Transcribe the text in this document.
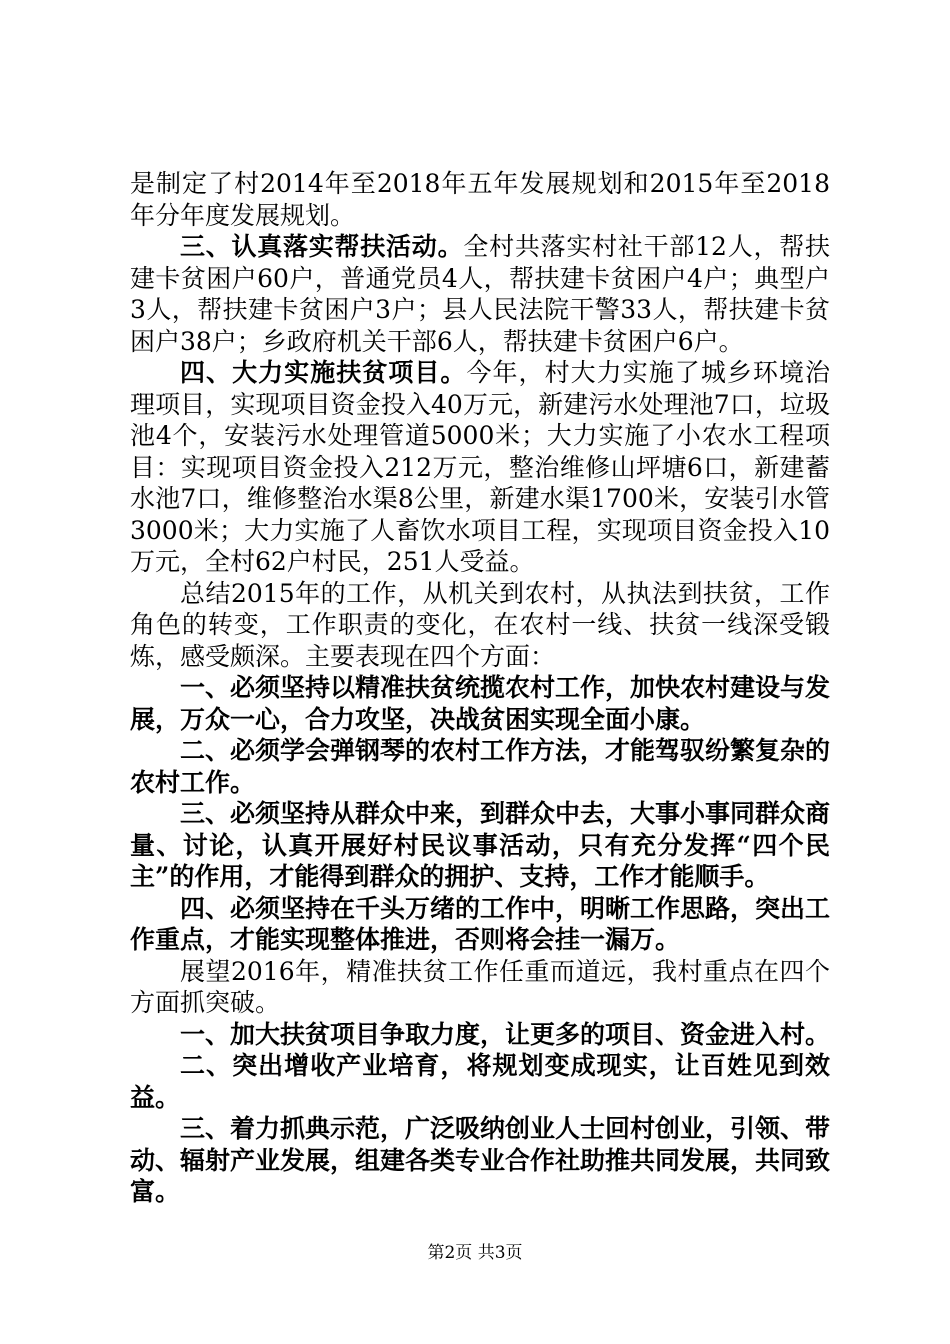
是制定了村2014年至2018年五年发展规划和2015年至2018年分年度发展规划。

三、认真落实帮扶活动。全村共落实村社干部12人，帮扶建卡贫困户60户，普通党员4人，帮扶建卡贫困户4户；典型户3人，帮扶建卡贫困户3户；县人民法院干警33人，帮扶建卡贫困户38户；乡政府机关干部6人，帮扶建卡贫困户6户。

四、大力实施扶贫项目。今年，村大力实施了城乡环境治理项目，实现项目资金投入40万元，新建污水处理池7口，垃圾池4个，安装污水处理管道5000米；大力实施了小农水工程项目：实现项目资金投入212万元，整治维修山坪塘6口，新建蓄水池7口，维修整治水渠8公里，新建水渠1700米，安装引水管3000米；大力实施了人畜饮水项目工程，实现项目资金投入10万元，全村62户村民，251人受益。

总结2015年的工作，从机关到农村，从执法到扶贫，工作角色的转变，工作职责的变化，在农村一线、扶贫一线深受锻炼，感受颇深。主要表现在四个方面：

一、必须坚持以精准扶贫统揽农村工作，加快农村建设与发展，万众一心，合力攻坚，决战贫困实现全面小康。

二、必须学会弹钢琴的农村工作方法，才能驾驭纷繁复杂的农村工作。

三、必须坚持从群众中来，到群众中去，大事小事同群众商量、讨论，认真开展好村民议事活动，只有充分发挥“四个民主”的作用，才能得到群众的拥护、支持，工作才能顺手。

四、必须坚持在千头万绪的工作中，明晰工作思路，突出工作重点，才能实现整体推进，否则将会挂一漏万。

展望2016年，精准扶贫工作任重而道远，我村重点在四个方面抓突破。

一、加大扶贫项目争取力度，让更多的项目、资金进入村。

二、突出增收产业培育，将规划变成现实，让百姓见到效益。

三、着力抓典示范，广泛吸纳创业人士回村创业，引领、带动、辐射产业发展，组建各类专业合作社助推共同发展，共同致富。

第2页 共3页
